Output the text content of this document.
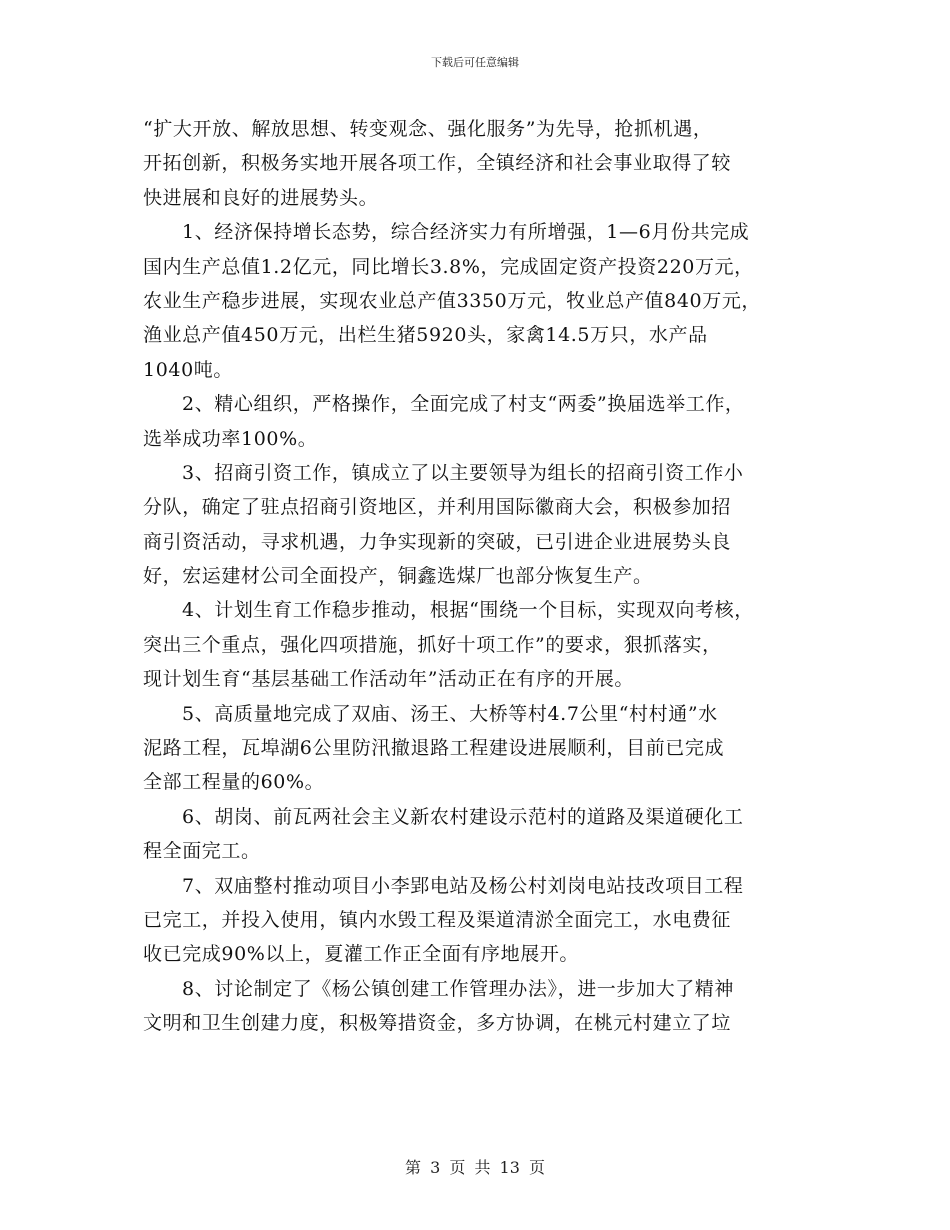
下载后可任意编辑
“扩大开放、解放思想、转变观念、强化服务”为先导，抢抓机遇，
开拓创新，积极务实地开展各项工作，全镇经济和社会事业取得了较
快进展和良好的进展势头。
1、经济保持增长态势，综合经济实力有所增强，1—6月份共完成
国内生产总值1.2亿元，同比增长3.8%，完成固定资产投资220万元，
农业生产稳步进展，实现农业总产值3350万元，牧业总产值840万元，
渔业总产值450万元，出栏生猪5920头，家禽14.5万只，水产品
1040吨。
2、精心组织，严格操作，全面完成了村支“两委”换届选举工作，
选举成功率100%。
3、招商引资工作，镇成立了以主要领导为组长的招商引资工作小
分队，确定了驻点招商引资地区，并利用国际徽商大会，积极参加招
商引资活动，寻求机遇，力争实现新的突破，已引进企业进展势头良
好，宏运建材公司全面投产，铜鑫选煤厂也部分恢复生产。
4、计划生育工作稳步推动，根据“围绕一个目标，实现双向考核，
突出三个重点，强化四项措施，抓好十项工作”的要求，狠抓落实，
现计划生育“基层基础工作活动年”活动正在有序的开展。
5、高质量地完成了双庙、汤王、大桥等村4.7公里“村村通”水
泥路工程，瓦埠湖6公里防汛撤退路工程建设进展顺利，目前已完成
全部工程量的60%。
6、胡岗、前瓦两社会主义新农村建设示范村的道路及渠道硬化工
程全面完工。
7、双庙整村推动项目小李郢电站及杨公村刘岗电站技改项目工程
已完工，并投入使用，镇内水毁工程及渠道清淤全面完工，水电费征
收已完成90%以上，夏灌工作正全面有序地展开。
8、讨论制定了《杨公镇创建工作管理办法》，进一步加大了精神
文明和卫生创建力度，积极筹措资金，多方协调，在桃元村建立了垃
第 3 页 共 13 页
